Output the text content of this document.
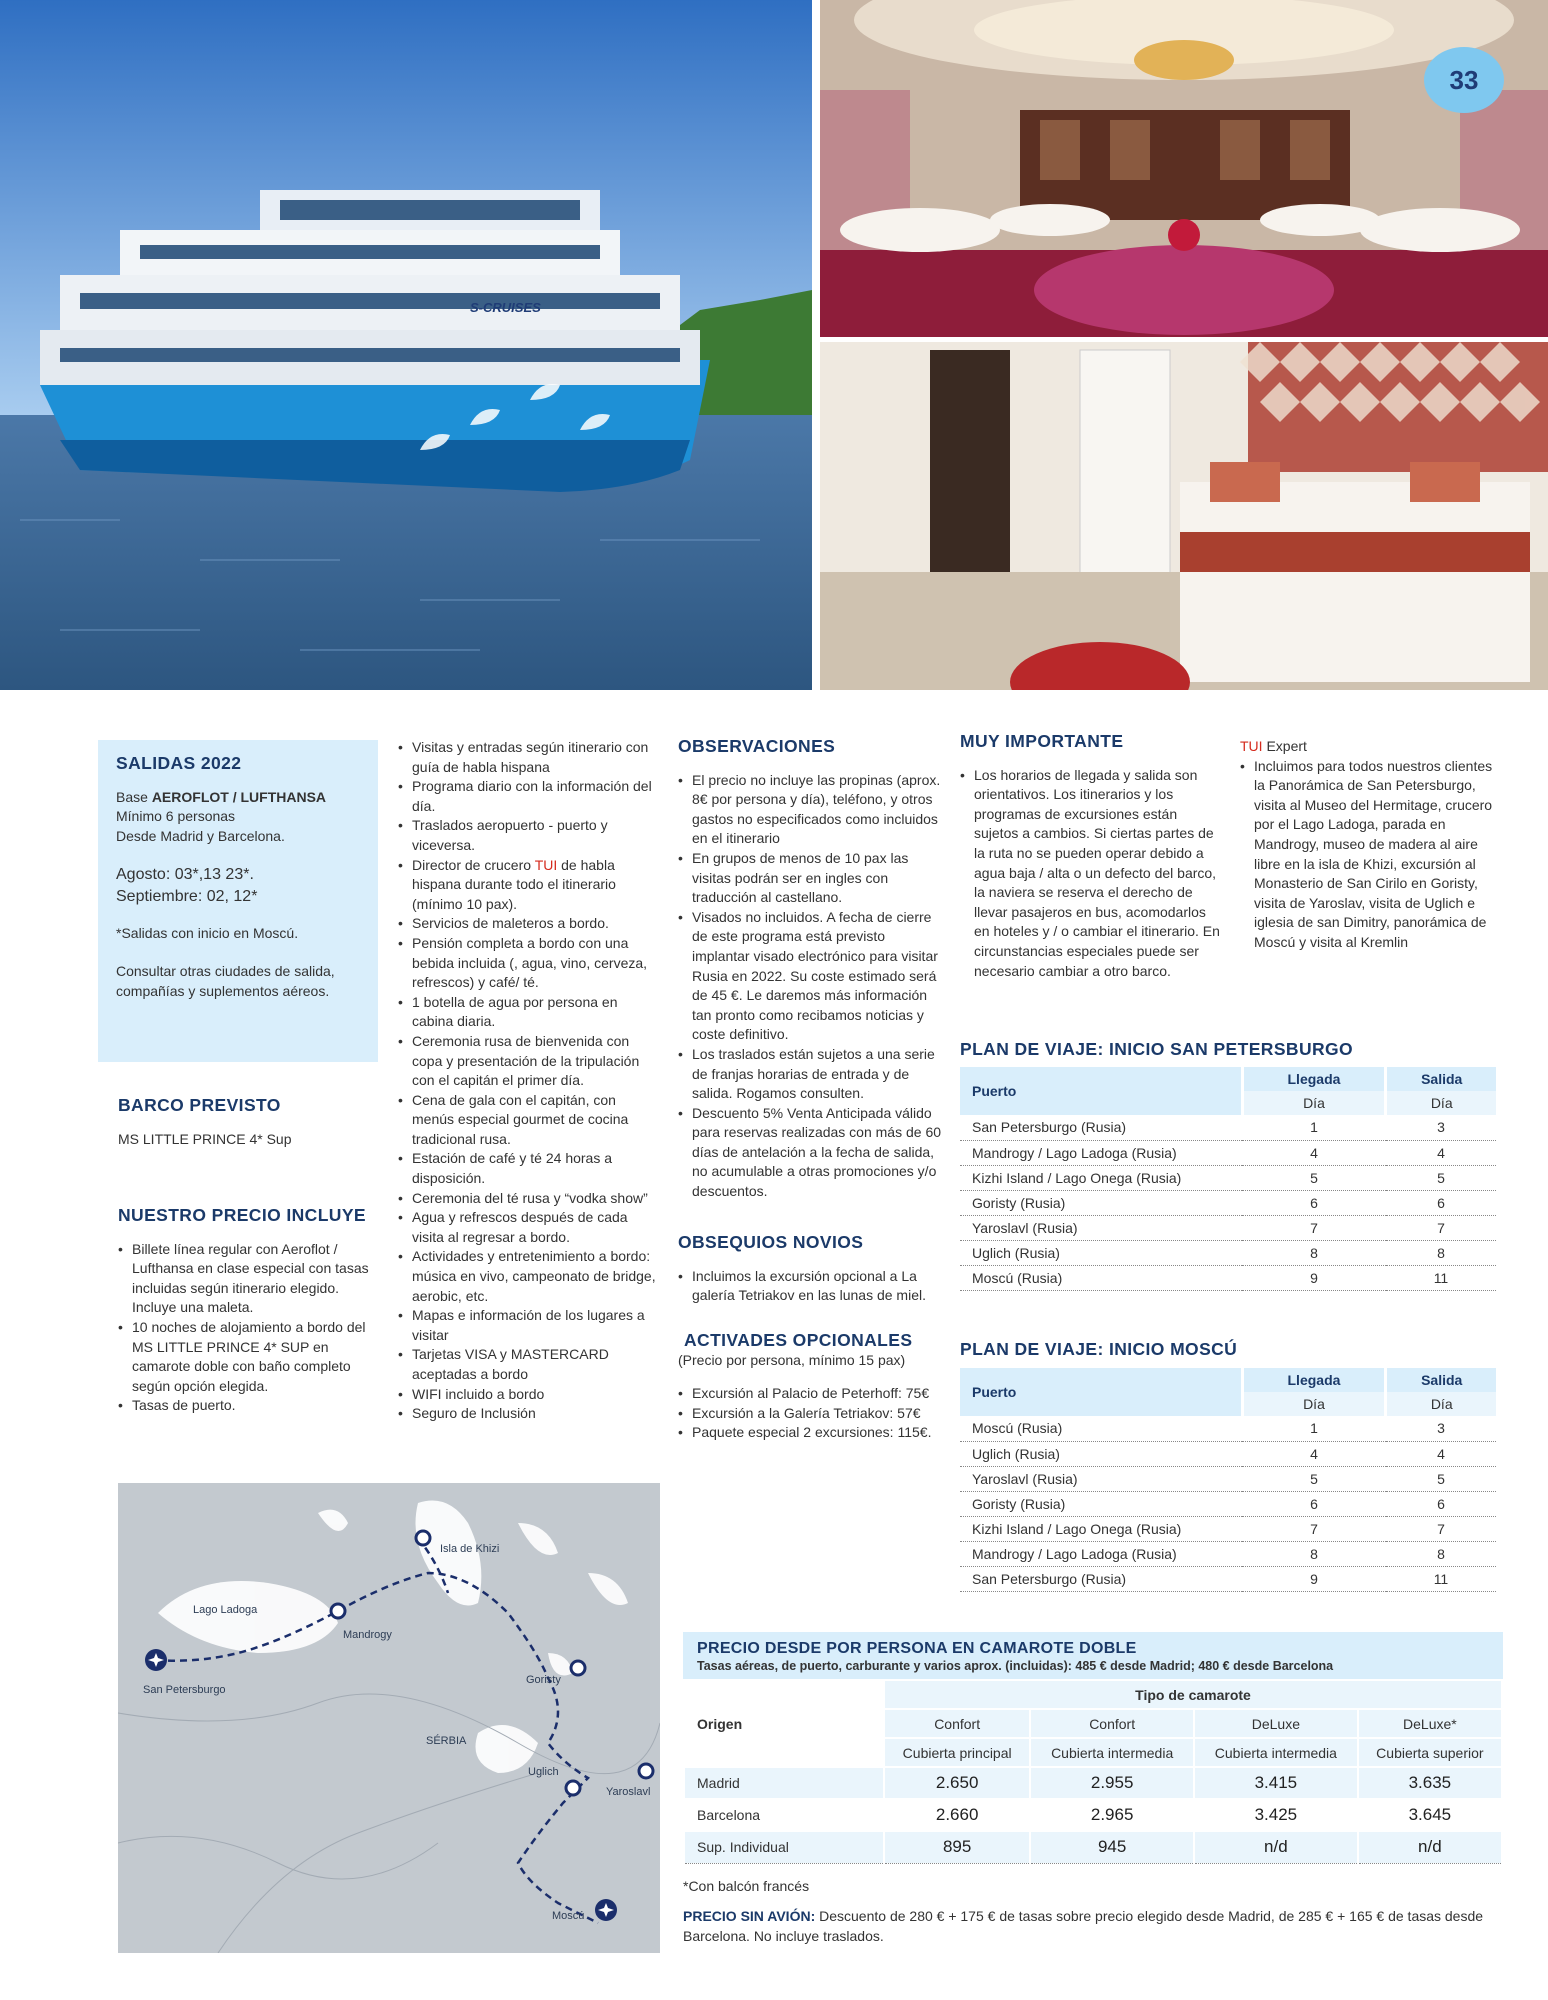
S-CRUISES
33
SALIDAS 2022
Base AEROFLOT / LUFTHANSA
Mínimo 6 personas
Desde Madrid y Barcelona.
Agosto: 03*,13 23*.
Septiembre: 02, 12*
*Salidas con inicio en Moscú.
Consultar otras ciudades de salida, compañías y suplementos aéreos.
BARCO PREVISTO
MS LITTLE PRINCE 4* Sup
NUESTRO PRECIO INCLUYE
• Billete línea regular con Aeroflot / Lufthansa en clase especial con tasas incluidas según itinerario elegido. Incluye una maleta.
• 10 noches de alojamiento a bordo del MS LITTLE PRINCE 4* SUP en camarote doble con baño completo según opción elegida.
• Tasas de puerto.
• Visitas y entradas según itinerario con guía de habla hispana
• Programa diario con la información del día.
• Traslados aeropuerto - puerto y viceversa.
• Director de crucero TUI de habla hispana durante todo el itinerario (mínimo 10 pax).
• Servicios de maleteros a bordo.
• Pensión completa a bordo con una bebida incluida (, agua, vino, cerveza, refrescos) y café/ té.
• 1 botella de agua por persona en cabina diaria.
• Ceremonia rusa de bienvenida con copa y presentación de la tripulación con el capitán el primer día.
• Cena de gala con el capitán, con menús especial gourmet de cocina tradicional rusa.
• Estación de café y té 24 horas a disposición.
• Ceremonia del té rusa y “vodka show”
• Agua y refrescos después de cada visita al regresar a bordo.
• Actividades y entretenimiento a bordo: música en vivo, campeonato de bridge, aerobic, etc.
• Mapas e información de los lugares a visitar
• Tarjetas VISA y MASTERCARD aceptadas a bordo
• WIFI incluido a bordo
• Seguro de Inclusión
OBSERVACIONES
• El precio no incluye las propinas (aprox. 8€ por persona y día), teléfono, y otros gastos no especificados como incluidos en el itinerario
• En grupos de menos de 10 pax las visitas podrán ser en ingles con traducción al castellano.
• Visados no incluidos. A fecha de cierre de este programa está previsto implantar visado electrónico para visitar Rusia en 2022. Su coste estimado será de 45 €. Le daremos más información tan pronto como recibamos noticias y coste definitivo.
• Los traslados están sujetos a una serie de franjas horarias de entrada y de salida. Rogamos consulten.
• Descuento 5% Venta Anticipada válido para reservas realizadas con más de 60 días de antelación a la fecha de salida, no acumulable a otras promociones y/o descuentos.
OBSEQUIOS NOVIOS
• Incluimos la excursión opcional a La galería Tetriakov en las lunas de miel.
ACTIVADES OPCIONALES
(Precio por persona, mínimo 15 pax)
• Excursión al Palacio de Peterhoff: 75€
• Excursión a la Galería Tetriakov: 57€
• Paquete especial 2 excursiones: 115€.
MUY IMPORTANTE
• Los horarios de llegada y salida son orientativos. Los itinerarios y los programas de excursiones están sujetos a cambios. Si ciertas partes de la ruta no se pueden operar debido a agua baja / alta o un defecto del barco, la naviera se reserva el derecho de llevar pasajeros en bus, acomodarlos en hoteles y / o cambiar el itinerario. En circunstancias especiales puede ser necesario cambiar a otro barco.
TUI Expert
• Incluimos para todos nuestros clientes la Panorámica de San Petersburgo, visita al Museo del Hermitage, crucero por el Lago Ladoga, parada en Mandrogy, museo de madera al aire libre en la isla de Khizi, excursión al Monasterio de San Cirilo en Goristy, visita de Yaroslav, visita de Uglich e iglesia de san Dimitry, panorámica de Moscú y visita al Kremlin
PLAN DE VIAJE: INICIO SAN PETERSBURGO
Puerto	Llegada	Salida
	Día	Día
San Petersburgo (Rusia)	1	3
Mandrogy / Lago Ladoga (Rusia)	4	4
Kizhi Island / Lago Onega (Rusia)	5	5
Goristy (Rusia)	6	6
Yaroslavl (Rusia)	7	7
Uglich (Rusia)	8	8
Moscú (Rusia)	9	11
PLAN DE VIAJE: INICIO MOSCÚ
Puerto	Llegada	Salida
	Día	Día
Moscú (Rusia)	1	3
Uglich (Rusia)	4	4
Yaroslavl (Rusia)	5	5
Goristy (Rusia)	6	6
Kizhi Island / Lago Onega (Rusia)	7	7
Mandrogy / Lago Ladoga (Rusia)	8	8
San Petersburgo (Rusia)	9	11
Isla de Khizi
Lago Ladoga
Mandrogy
San Petersburgo
Goristy
SÉRBIA
Uglich
Yaroslavl
Moscú
PRECIO DESDE POR PERSONA EN CAMAROTE DOBLE
Tasas aéreas, de puerto, carburante y varios aprox. (incluidas): 485 € desde Madrid; 480 € desde Barcelona
Origen	Tipo de camarote			
	Confort	Confort	DeLuxe	DeLuxe*
	Cubierta principal	Cubierta intermedia	Cubierta intermedia	Cubierta superior
Madrid	2.650	2.955	3.415	3.635
Barcelona	2.660	2.965	3.425	3.645
Sup. Individual	895	945	n/d	n/d
*Con balcón francés
PRECIO SIN AVIÓN: Descuento de 280 € + 175 € de tasas sobre precio elegido desde Madrid, de 285 € + 165 € de tasas desde Barcelona. No incluye traslados.
